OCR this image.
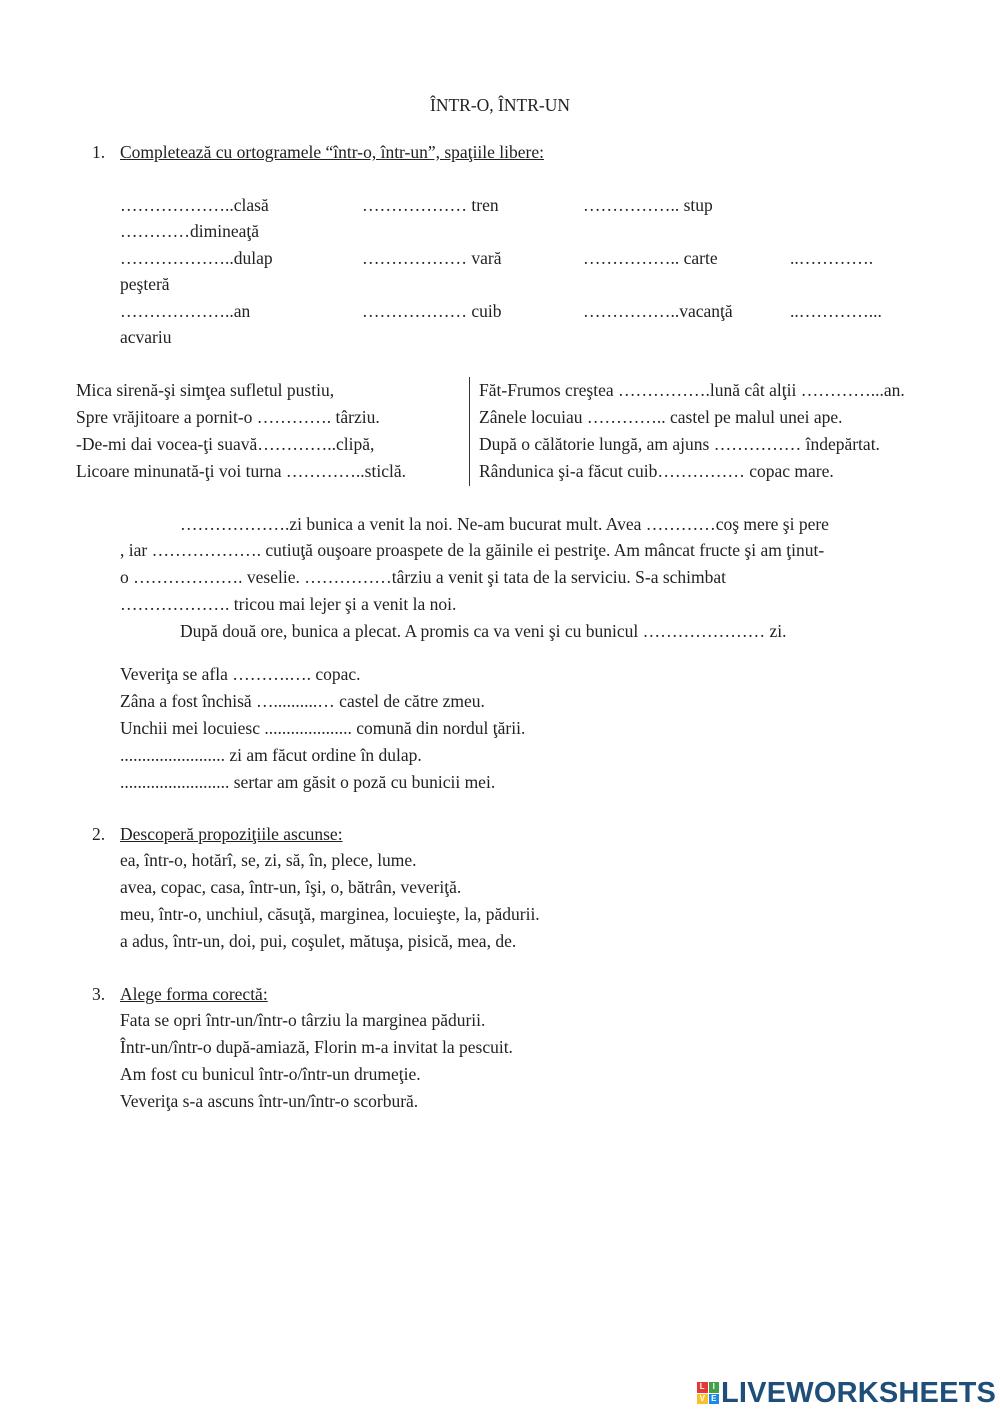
ÎNTR-O, ÎNTR-UN
1. Completează cu ortogramele “într-o, într-un”, spaţiile libere:
………………..clasă	……………… tren	…………….. stup
…………dimineaţă
………………..dulap	……………… vară	…………….. carte	..………….
peşteră
………………..an	……………… cuib	……………..vacanţă	..…………...
acvariu
Mica sirenă-şi simţea sufletul pustiu,
Spre vrăjitoare a pornit-o …………. târziu.
-De-mi dai vocea-ţi suavă…………..clipă,
Licoare minunată-ţi voi turna …………..sticlă.
Făt-Frumos creştea …………….lună cât alţii …………...an.
Zânele locuiau ………….. castel pe malul unei ape.
După o călătorie lungă, am ajuns …………… îndepărtat.
Rândunica şi-a făcut cuib…………… copac mare.
……………….zi bunica a venit la noi. Ne-am bucurat mult. Avea …………coş mere şi pere
, iar ………………. cutiuţă ouşoare proaspete de la găinile ei pestriţe. Am mâncat fructe şi am ţinut-
o ………………. veselie. ……………târziu a venit şi tata de la serviciu. S-a schimbat
………………. tricou mai lejer şi a venit la noi.
După două ore, bunica a plecat. A promis ca va veni şi cu bunicul ………………… zi.
Veveriţa se afla ……….…. copac.
Zâna a fost închisă …..........… castel de către zmeu.
Unchii mei locuiesc .................... comună din nordul ţării.
........................ zi am făcut ordine în dulap.
......................... sertar am găsit o poză cu bunicii mei.
2. Descoperă propoziţiile ascunse:
ea, într-o, hotărî, se, zi, să, în, plece, lume.
avea, copac, casa, într-un, îşi, o, bătrân, veveriţă.
meu, într-o, unchiul, căsuţă, marginea, locuieşte, la, pădurii.
a adus, într-un, doi, pui, coşulet, mătuşa, pisică, mea, de.
3. Alege forma corectă:
Fata se opri într-un/într-o târziu la marginea pădurii.
Într-un/într-o după-amiază, Florin m-a invitat la pescuit.
Am fost cu bunicul într-o/într-un drumeţie.
Veveriţa s-a ascuns într-un/într-o scorbură.
L I
V E LIVEWORKSHEETS
